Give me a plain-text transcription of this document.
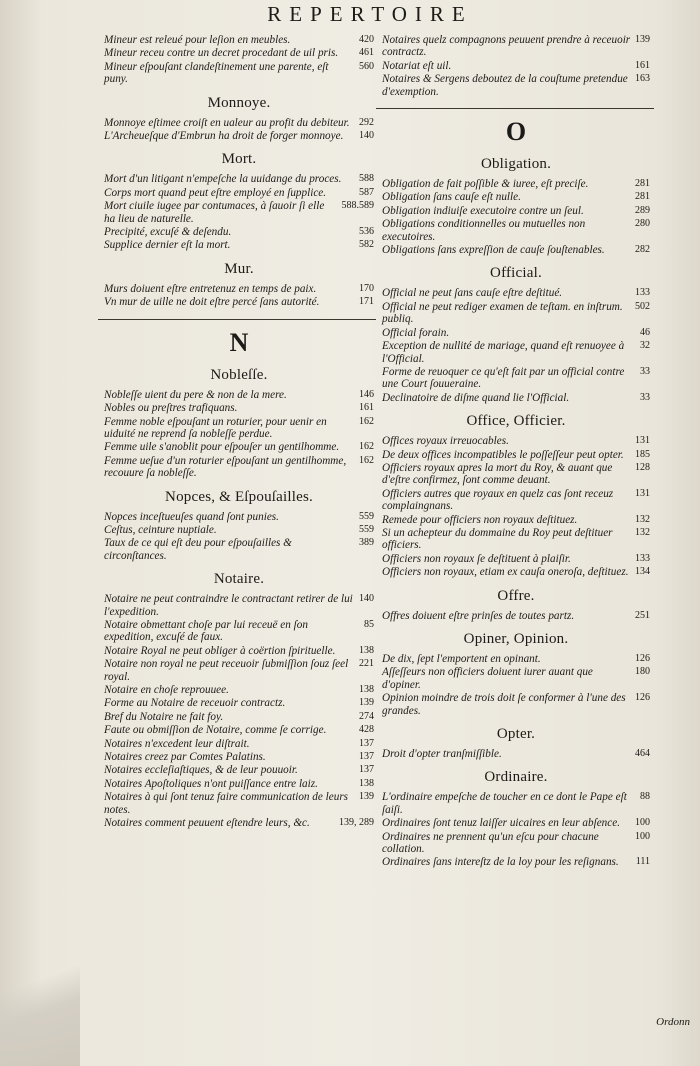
REPERTOIRE
420
Mineur est releué pour leſion en meubles.
461
Mineur receu contre un decret procedant de uil pris.
560
Mineur eſpouſant clandeſtinement une parente, eſt puny.
Monnoye.
292
Monnoye eſtimee croiſt en ualeur au profit du debiteur.
140
L'Archeueſque d'Embrun ha droit de forger monnoye.
Mort.
588
Mort d'un litigant n'empeſche la uuidange du proces.
587
Corps mort quand peut eſtre employé en ſupplice.
588.589
Mort ciuile iugee par contumaces, à ſauoir ſi elle ha lieu de naturelle.
536
Precipité, excuſé & deſendu.
582
Supplice dernier eſt la mort.
Mur.
170
Murs doiuent eſtre entretenuz en temps de paix.
171
Vn mur de uille ne doit eſtre percé ſans autorité.
N
Nobleſſe.
146
Nobleſſe uient du pere & non de la mere.
161
Nobles ou preſtres trafiquans.
162
Femme noble eſpouſant un roturier, pour uenir en uiduité ne reprend ſa nobleſſe perdue.
162
Femme uile s'anoblit pour eſpouſer un gentilhomme.
162
Femme ueſue d'un roturier eſpouſant un gentilhomme, recouure ſa nobleſſe.
Nopces, & Eſpouſailles.
559
Nopces inceſtueuſes quand ſont punies.
559
Ceſtus, ceinture nuptiale.
389
Taux de ce qui eſt deu pour eſpouſailles & circonſtances.
Notaire.
140
Notaire ne peut contraindre le contractant retirer de lui l'expedition.
85
Notaire obmettant choſe par lui receuë en ſon expedition, excuſé de faux.
138
Notaire Royal ne peut obliger à coërtion ſpirituelle.
221
Notaire non royal ne peut receuoir ſubmiſſion ſouz ſeel royal.
138
Notaire en choſe reprouuee.
139
Forme au Notaire de receuoir contractz.
274
Bref du Notaire ne fait foy.
428
Faute ou obmiſſion de Notaire, comme ſe corrige.
137
Notaires n'excedent leur diſtrait.
137
Notaires creez par Comtes Palatins.
137
Notaires eccleſiaſtiques, & de leur pouuoir.
138
Notaires Apoſtoliques n'ont puiſſance entre laiz.
139
Notaires à qui ſont tenuz faire communication de leurs notes.
139, 289
Notaires comment peuuent eſtendre leurs, &c.
139
Notaires quelz compagnons peuuent prendre à receuoir contractz.
161
Notariat eſt uil.
163
Notaires & Sergens deboutez de la couſtume pretendue d'exemption.
O
Obligation.
281
Obligation de fait poſſible & iuree, eſt preciſe.
281
Obligation ſans cauſe eſt nulle.
289
Obligation indiuiſe executoire contre un ſeul.
280
Obligations conditionnelles ou mutuelles non executoires.
282
Obligations ſans expreſſion de cauſe ſouſtenables.
Official.
133
Official ne peut ſans cauſe eſtre deſtitué.
502
Official ne peut rediger examen de teſtam. en inſtrum. publiq.
46
Official forain.
32
Exception de nullité de mariage, quand eſt renuoyee à l'Official.
33
Forme de reuoquer ce qu'eſt fait par un official contre une Court ſouueraine.
33
Declinatoire de diſme quand lie l'Official.
Office, Officier.
131
Offices royaux irreuocables.
185
De deux offices incompatibles le poſſeſſeur peut opter.
128
Officiers royaux apres la mort du Roy, & auant que d'eſtre confirmez, ſont comme deuant.
131
Officiers autres que royaux en quelz cas ſont receuz complaingnans.
132
Remede pour officiers non royaux deſtituez.
132
Si un achepteur du dommaine du Roy peut deſtituer officiers.
133
Officiers non royaux ſe deſtituent à plaiſir.
134
Officiers non royaux, etiam ex cauſa oneroſa, deſtituez.
Offre.
251
Offres doiuent eſtre prinſes de toutes partz.
Opiner, Opinion.
126
De dix, ſept l'emportent en opinant.
180
Aſſeſſeurs non officiers doiuent iurer auant que d'opiner.
126
Opinion moindre de trois doit ſe conformer à l'une des grandes.
Opter.
464
Droit d'opter tranſmiſſible.
Ordinaire.
88
L'ordinaire empeſche de toucher en ce dont le Pape eſt ſaiſi.
100
Ordinaires ſont tenuz laiſſer uicaires en leur abſence.
100
Ordinaires ne prennent qu'un eſcu pour chacune collation.
111
Ordinaires ſans intereſtz de la loy pour les reſignans.
Ordonn
